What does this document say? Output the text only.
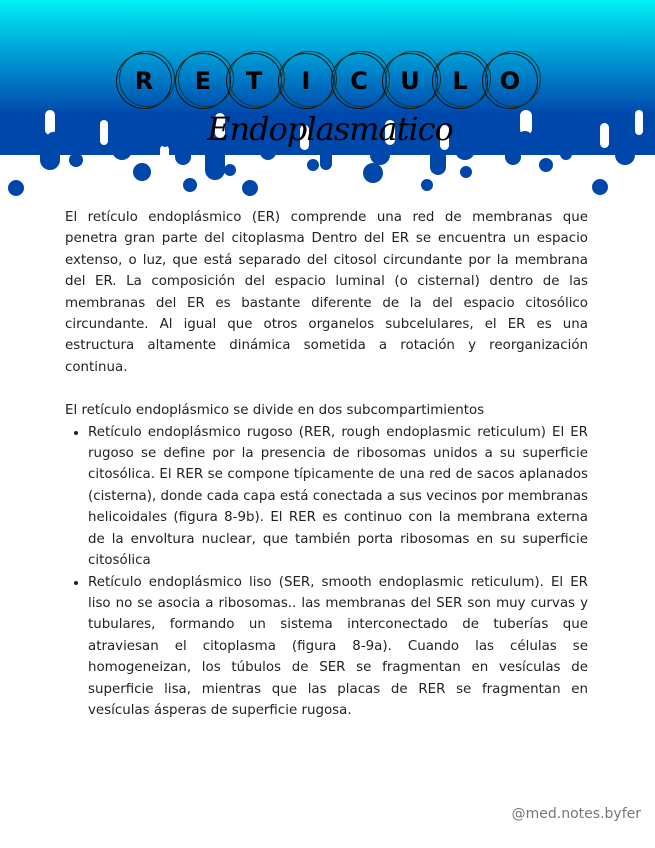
R	E	T	I	C	U	L	O
Endoplasmatico

El retículo endoplásmico (ER) comprende una red de membranas que penetra gran parte del citoplasma Dentro del ER se encuentra un espacio extenso, o luz, que está separado del citosol circundante por la membrana del ER. La composición del espacio luminal (o cisternal) dentro de las membranas del ER es bastante diferente de la del espacio citosólico circundante. Al igual que otros organelos subcelulares, el ER es una estructura altamente dinámica sometida a rotación y reorganización continua.

El retículo endoplásmico se divide en dos subcompartimientos

• Retículo endoplásmico rugoso (RER, rough endoplasmic reticulum) El ER rugoso se define por la presencia de ribosomas unidos a su superficie citosólica. El RER se compone típicamente de una red de sacos aplanados (cisterna), donde cada capa está conectada a sus vecinos por membranas helicoidales (figura 8-9b). El RER es continuo con la membrana externa de la envoltura nuclear, que también porta ribosomas en su superficie citosólica
• Retículo endoplásmico liso (SER, smooth endoplasmic reticulum). El ER liso no se asocia a ribosomas.. las membranas del SER son muy curvas y tubulares, formando un sistema interconectado de tuberías que atraviesan el citoplasma (figura 8-9a). Cuando las células se homogeneizan, los túbulos de SER se fragmentan en vesículas de superficie lisa, mientras que las placas de RER se fragmentan en vesículas ásperas de superficie rugosa.
@med.notes.byfer
